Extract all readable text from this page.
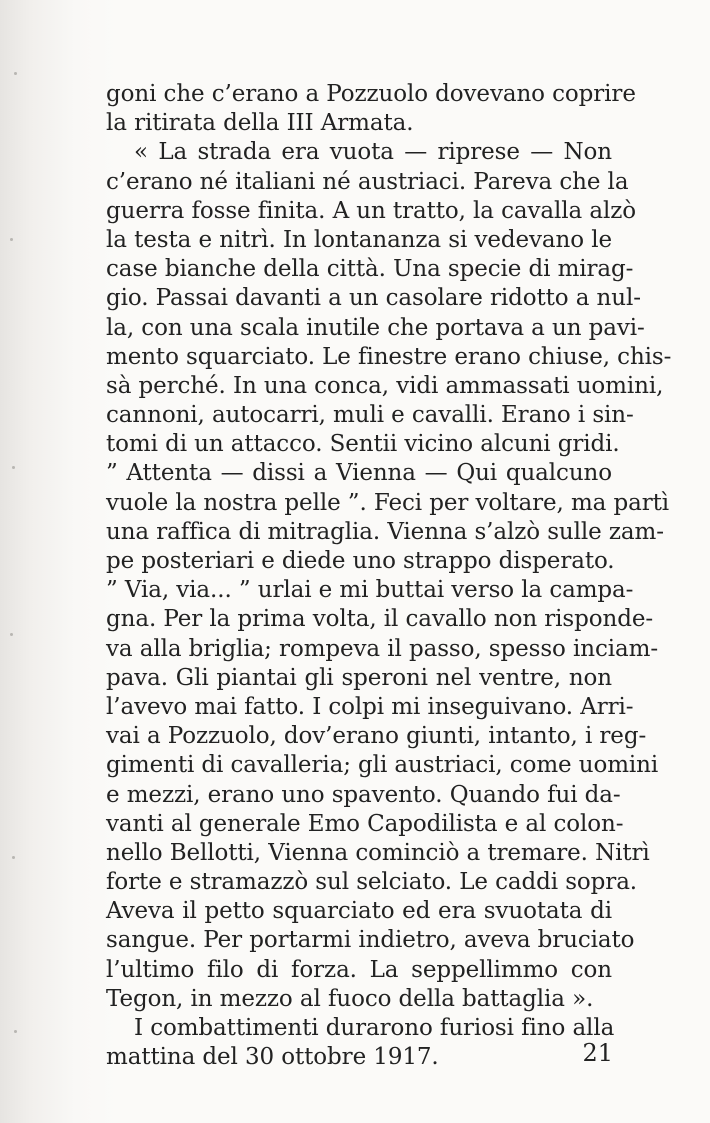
goni che c’erano a Pozzuolo dovevano coprire
la ritirata della III Armata.
« La strada era vuota — riprese — Non
c’erano né italiani né austriaci. Pareva che la
guerra fosse finita. A un tratto, la cavalla alzò
la testa e nitrì. In lontananza si vedevano le
case bianche della città. Una specie di mirag-
gio. Passai davanti a un casolare ridotto a nul-
la, con una scala inutile che portava a un pavi-
mento squarciato. Le finestre erano chiuse, chis-
sà perché. In una conca, vidi ammassati uomini,
cannoni, autocarri, muli e cavalli. Erano i sin-
tomi di un attacco. Sentii vicino alcuni gridi.
” Attenta — dissi a Vienna — Qui qualcuno
vuole la nostra pelle ”. Feci per voltare, ma partì
una raffica di mitraglia. Vienna s’alzò sulle zam-
pe posteriari e diede uno strappo disperato.
” Via, via... ” urlai e mi buttai verso la campa-
gna. Per la prima volta, il cavallo non risponde-
va alla briglia; rompeva il passo, spesso inciam-
pava. Gli piantai gli speroni nel ventre, non
l’avevo mai fatto. I colpi mi inseguivano. Arri-
vai a Pozzuolo, dov’erano giunti, intanto, i reg-
gimenti di cavalleria; gli austriaci, come uomini
e mezzi, erano uno spavento. Quando fui da-
vanti al generale Emo Capodilista e al colon-
nello Bellotti, Vienna cominciò a tremare. Nitrì
forte e stramazzò sul selciato. Le caddi sopra.
Aveva il petto squarciato ed era svuotata di
sangue. Per portarmi indietro, aveva bruciato
l’ultimo filo di forza. La seppellimmo con
Tegon, in mezzo al fuoco della battaglia ».
I combattimenti durarono furiosi fino alla
mattina del 30 ottobre 1917.	21
